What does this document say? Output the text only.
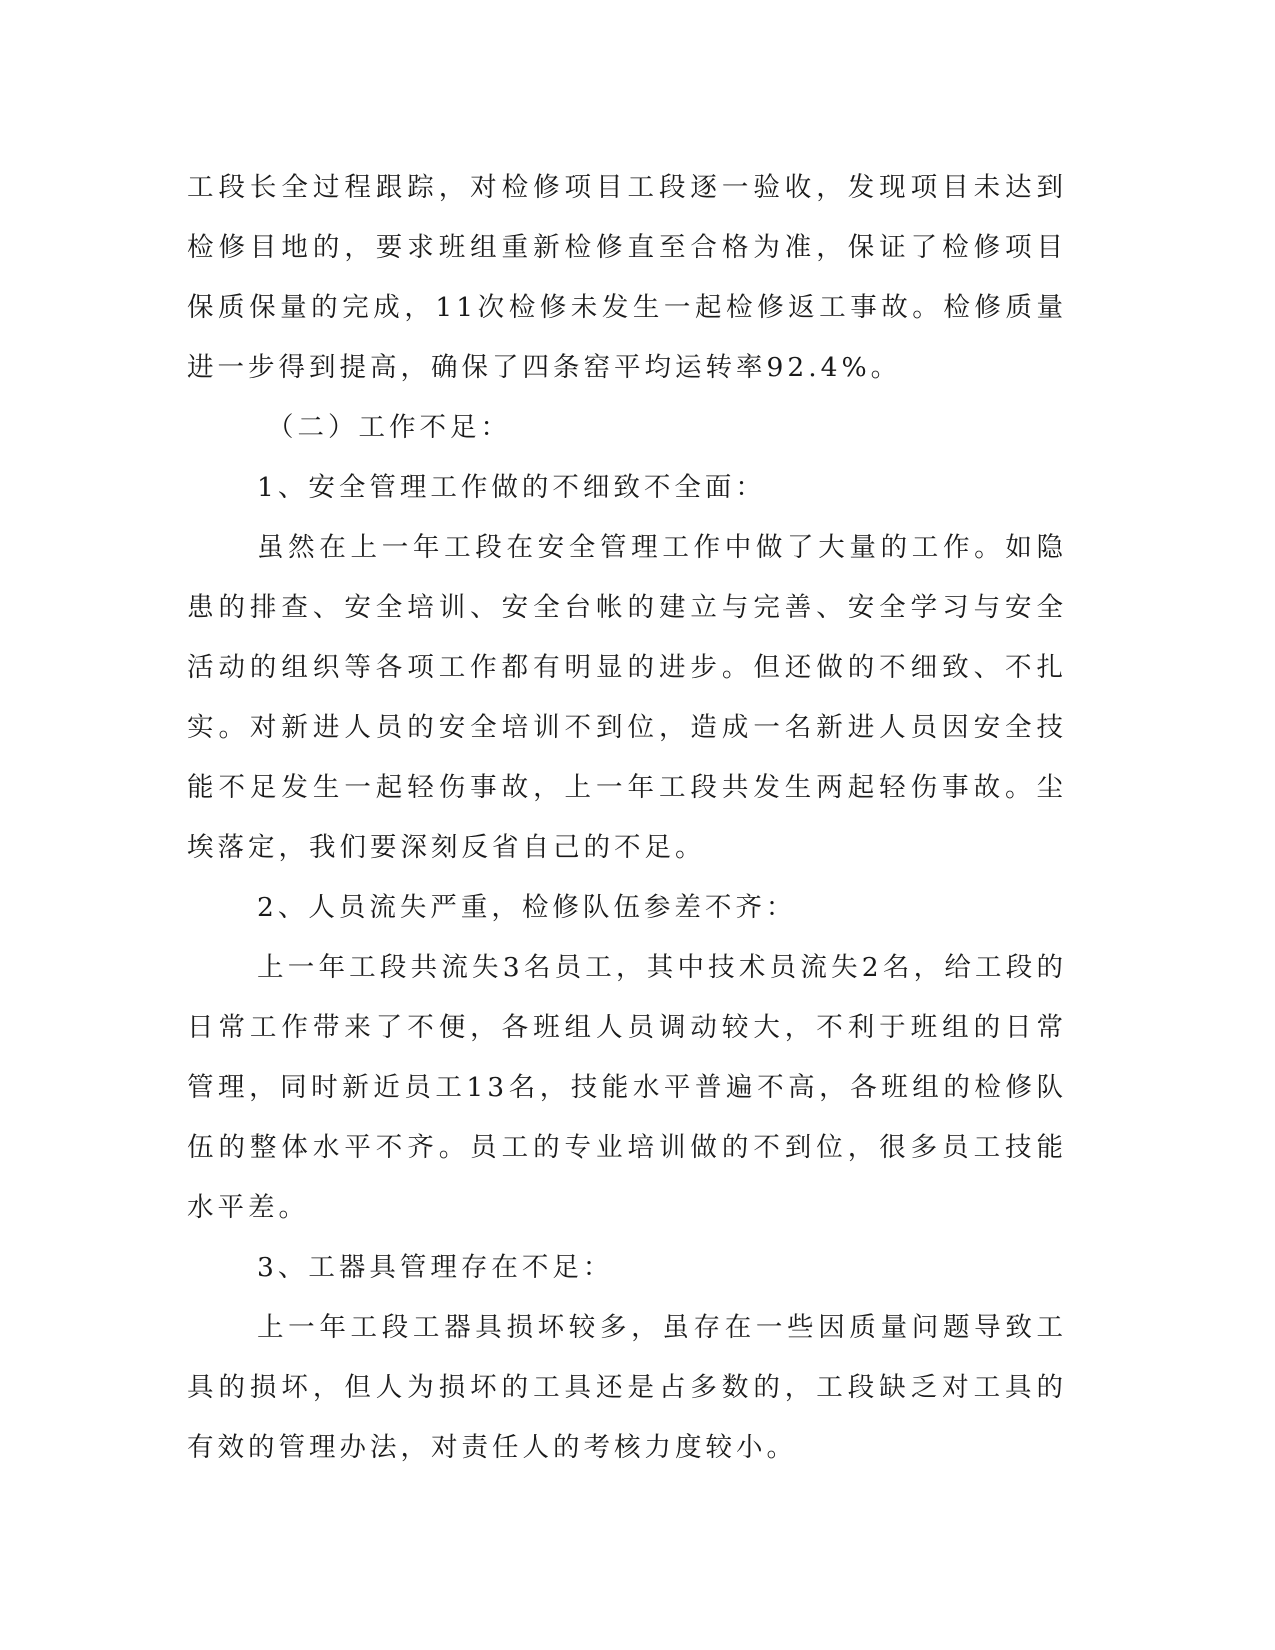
工段长全过程跟踪，对检修项目工段逐一验收，发现项目未达到检修目地的，要求班组重新检修直至合格为准，保证了检修项目保质保量的完成，11次检修未发生一起检修返工事故。检修质量进一步得到提高，确保了四条窑平均运转率92.4%。

（二）工作不足：

1、安全管理工作做的不细致不全面：

虽然在上一年工段在安全管理工作中做了大量的工作。如隐患的排查、安全培训、安全台帐的建立与完善、安全学习与安全活动的组织等各项工作都有明显的进步。但还做的不细致、不扎实。对新进人员的安全培训不到位，造成一名新进人员因安全技能不足发生一起轻伤事故，上一年工段共发生两起轻伤事故。尘埃落定，我们要深刻反省自己的不足。

2、人员流失严重，检修队伍参差不齐：

上一年工段共流失3名员工，其中技术员流失2名，给工段的日常工作带来了不便，各班组人员调动较大，不利于班组的日常管理，同时新近员工13名，技能水平普遍不高，各班组的检修队伍的整体水平不齐。员工的专业培训做的不到位，很多员工技能水平差。

3、工器具管理存在不足：

上一年工段工器具损坏较多，虽存在一些因质量问题导致工具的损坏，但人为损坏的工具还是占多数的，工段缺乏对工具的有效的管理办法，对责任人的考核力度较小。
